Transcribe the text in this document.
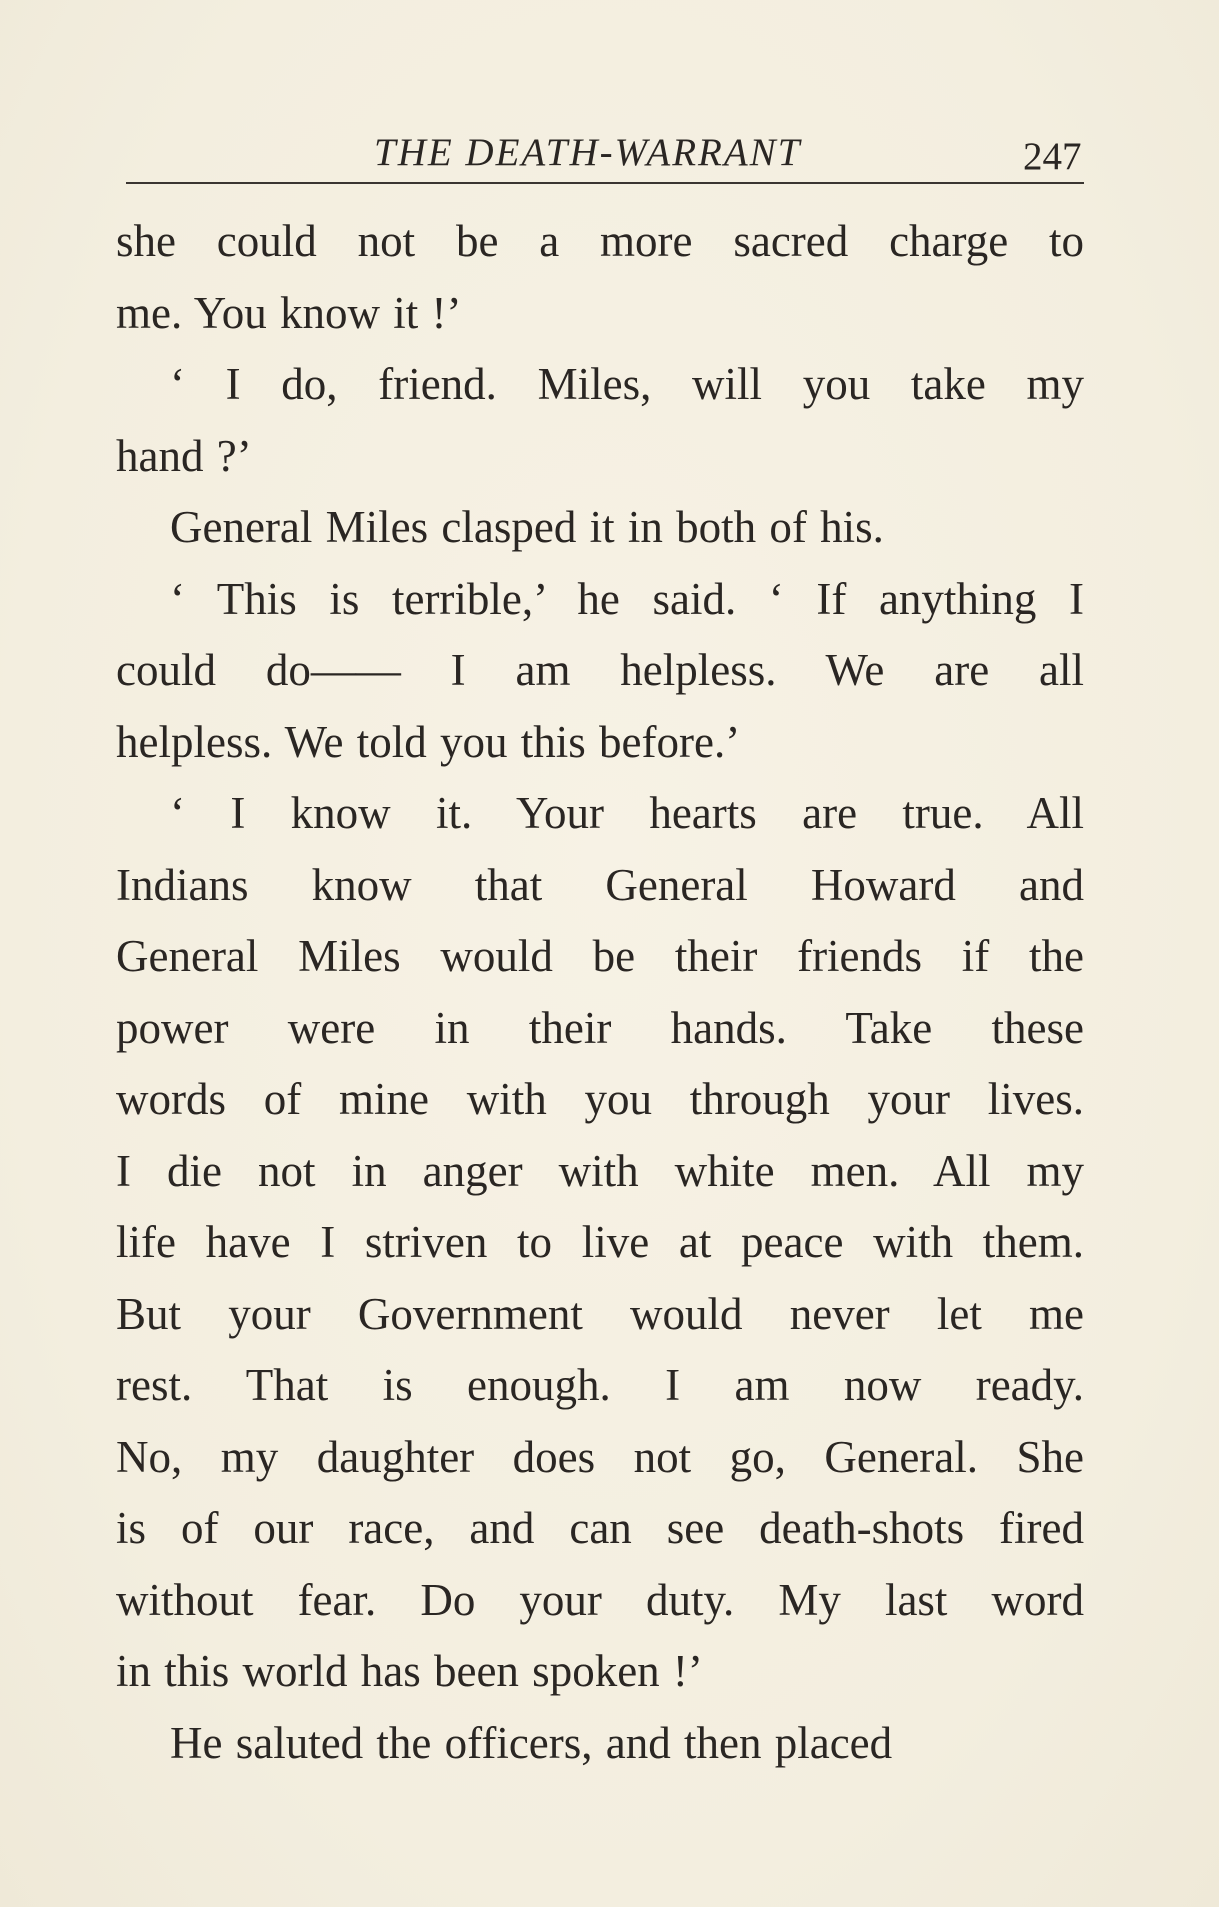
THE DEATH-WARRANT	247
she could not be a more sacred charge to
me. You know it !’
‘ I do, friend. Miles, will you take my
hand ?’
General Miles clasped it in both of his.
‘ This is terrible,’ he said. ‘ If anything I
could do—— I am helpless. We are all
helpless. We told you this before.’
‘ I know it. Your hearts are true. All
Indians know that General Howard and
General Miles would be their friends if the
power were in their hands. Take these
words of mine with you through your lives.
I die not in anger with white men. All my
life have I striven to live at peace with them.
But your Government would never let me
rest. That is enough. I am now ready.
No, my daughter does not go, General. She
is of our race, and can see death-shots fired
without fear. Do your duty. My last word
in this world has been spoken !’
He saluted the officers, and then placed
